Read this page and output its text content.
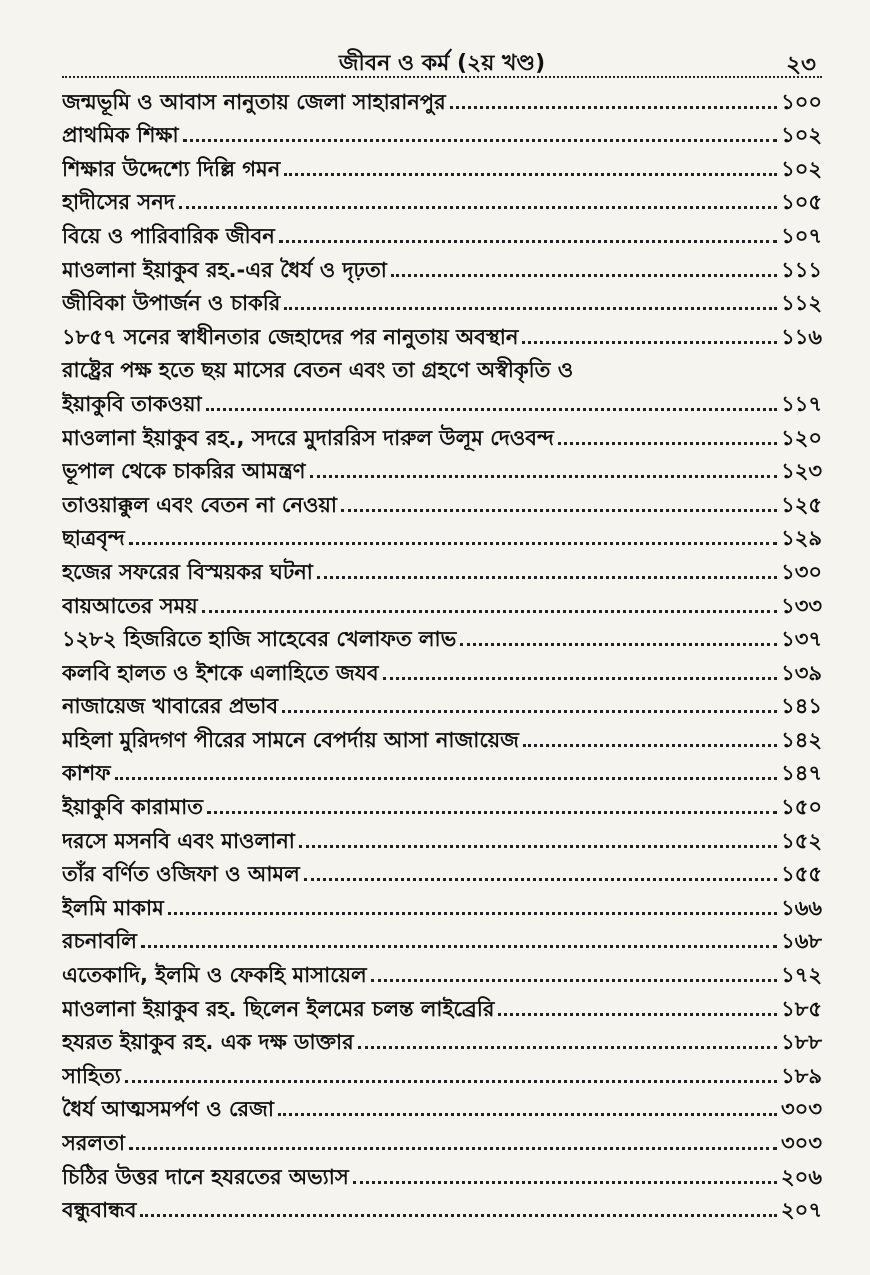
জীবন ও কর্ম (২য় খণ্ড)	২৩
জন্মভূমি ও আবাস নানুতায় জেলা সাহারানপুর	১০০
প্রাথমিক শিক্ষা	১০২
শিক্ষার উদ্দেশ্যে দিল্লি গমন	১০২
হাদীসের সনদ	১০৫
বিয়ে ও পারিবারিক জীবন	১০৭
মাওলানা ইয়াকুব রহ.-এর ধৈর্য ও দৃঢ়তা	১১১
জীবিকা উপার্জন ও চাকরি	১১২
১৮৫৭ সনের স্বাধীনতার জেহাদের পর নানুতায় অবস্থান	১১৬
রাষ্ট্রের পক্ষ হতে ছয় মাসের বেতন এবং তা গ্রহণে অস্বীকৃতি ও
ইয়াকুবি তাকওয়া	১১৭
মাওলানা ইয়াকুব রহ., সদরে মুদাররিস দারুল উলূম দেওবন্দ	১২০
ভূপাল থেকে চাকরির আমন্ত্রণ	১২৩
তাওয়াক্কুল এবং বেতন না নেওয়া	১২৫
ছাত্রবৃন্দ	১২৯
হজের সফরের বিস্ময়কর ঘটনা	১৩০
বায়আতের সময়	১৩৩
১২৮২ হিজরিতে হাজি সাহেবের খেলাফত লাভ	১৩৭
কলবি হালত ও ইশকে এলাহিতে জযব	১৩৯
নাজায়েজ খাবারের প্রভাব	১৪১
মহিলা মুরিদগণ পীরের সামনে বেপর্দায় আসা নাজায়েজ	১৪২
কাশফ	১৪৭
ইয়াকুবি কারামাত	১৫০
দরসে মসনবি এবং মাওলানা	১৫২
তাঁর বর্ণিত ওজিফা ও আমল	১৫৫
ইলমি মাকাম	১৬৬
রচনাবলি	১৬৮
এতেকাদি, ইলমি ও ফেকহি মাসায়েল	১৭২
মাওলানা ইয়াকুব রহ. ছিলেন ইলমের চলন্ত লাইব্রেরি	১৮৫
হযরত ইয়াকুব রহ. এক দক্ষ ডাক্তার	১৮৮
সাহিত্য	১৮৯
ধৈর্য আত্মসমর্পণ ও রেজা	৩০৩
সরলতা	৩০৩
চিঠির উত্তর দানে হযরতের অভ্যাস	২০৬
বন্ধুবান্ধব	২০৭
